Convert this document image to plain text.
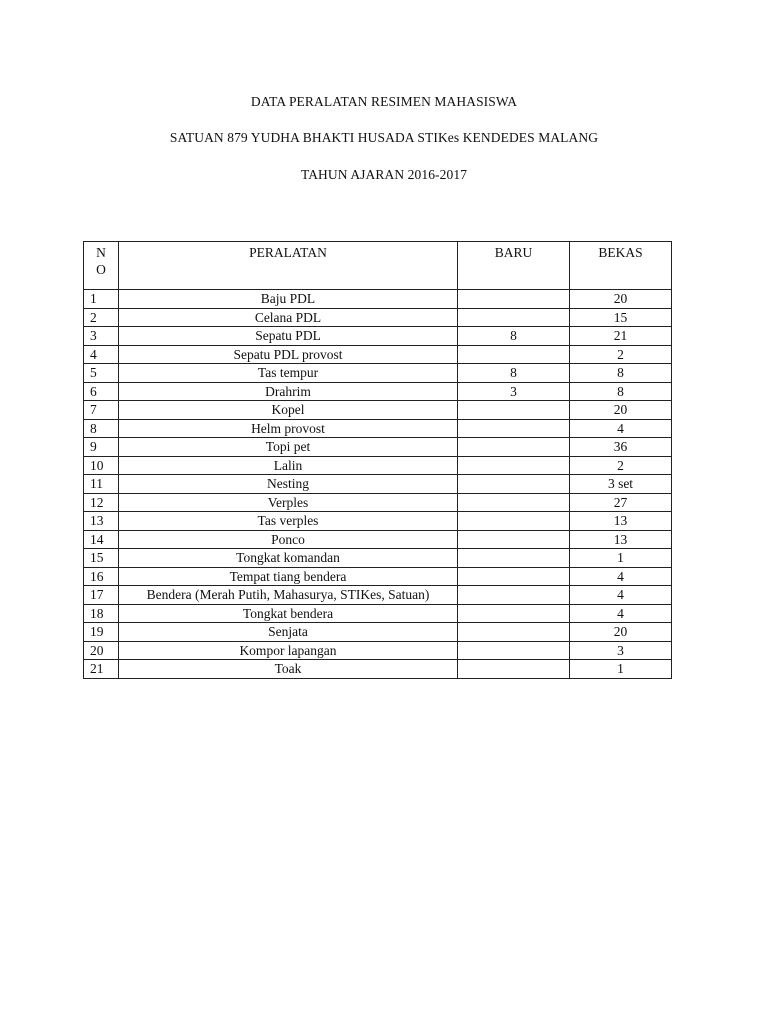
DATA PERALATAN RESIMEN MAHASISWA
SATUAN 879 YUDHA BHAKTI HUSADA STIKes KENDEDES MALANG
TAHUN AJARAN 2016-2017
N
O	PERALATAN	BARU	BEKAS
1	Baju PDL		20
2	Celana PDL		15
3	Sepatu PDL	8	21
4	Sepatu PDL provost		2
5	Tas tempur	8	8
6	Drahrim	3	8
7	Kopel		20
8	Helm provost		4
9	Topi pet		36
10	Lalin		2
11	Nesting		3 set
12	Verples		27
13	Tas verples		13
14	Ponco		13
15	Tongkat komandan		1
16	Tempat tiang bendera		4
17	Bendera (Merah Putih, Mahasurya, STIKes, Satuan)		4
18	Tongkat bendera		4
19	Senjata		20
20	Kompor lapangan		3
21	Toak		1
